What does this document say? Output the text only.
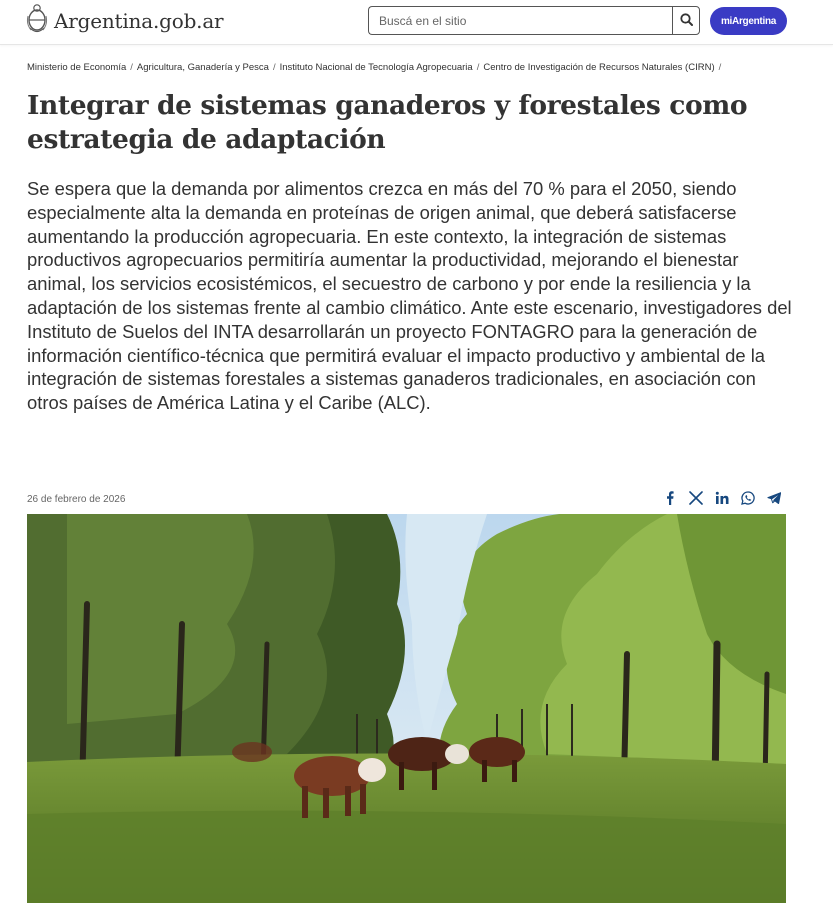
Argentina.gob.ar
Buscá en el sitio	miArgentina
Ministerio de Economía / Agricultura, Ganadería y Pesca / Instituto Nacional de Tecnología Agropecuaria / Centro de Investigación de Recursos Naturales (CIRN) /
Integrar de sistemas ganaderos y forestales como estrategia de adaptación

Se espera que la demanda por alimentos crezca en más del 70 % para el 2050, siendo especialmente alta la demanda en proteínas de origen animal, que deberá satisfacerse aumentando la producción agropecuaria. En este contexto, la integración de sistemas productivos agropecuarios permitiría aumentar la productividad, mejorando el bienestar animal, los servicios ecosistémicos, el secuestro de carbono y por ende la resiliencia y la adaptación de los sistemas frente al cambio climático. Ante este escenario, investigadores del Instituto de Suelos del INTA desarrollarán un proyecto FONTAGRO para la generación de información científico-técnica que permitirá evaluar el impacto productivo y ambiental de la integración de sistemas forestales a sistemas ganaderos tradicionales, en asociación con otros países de América Latina y el Caribe (ALC).

26 de febrero de 2026
